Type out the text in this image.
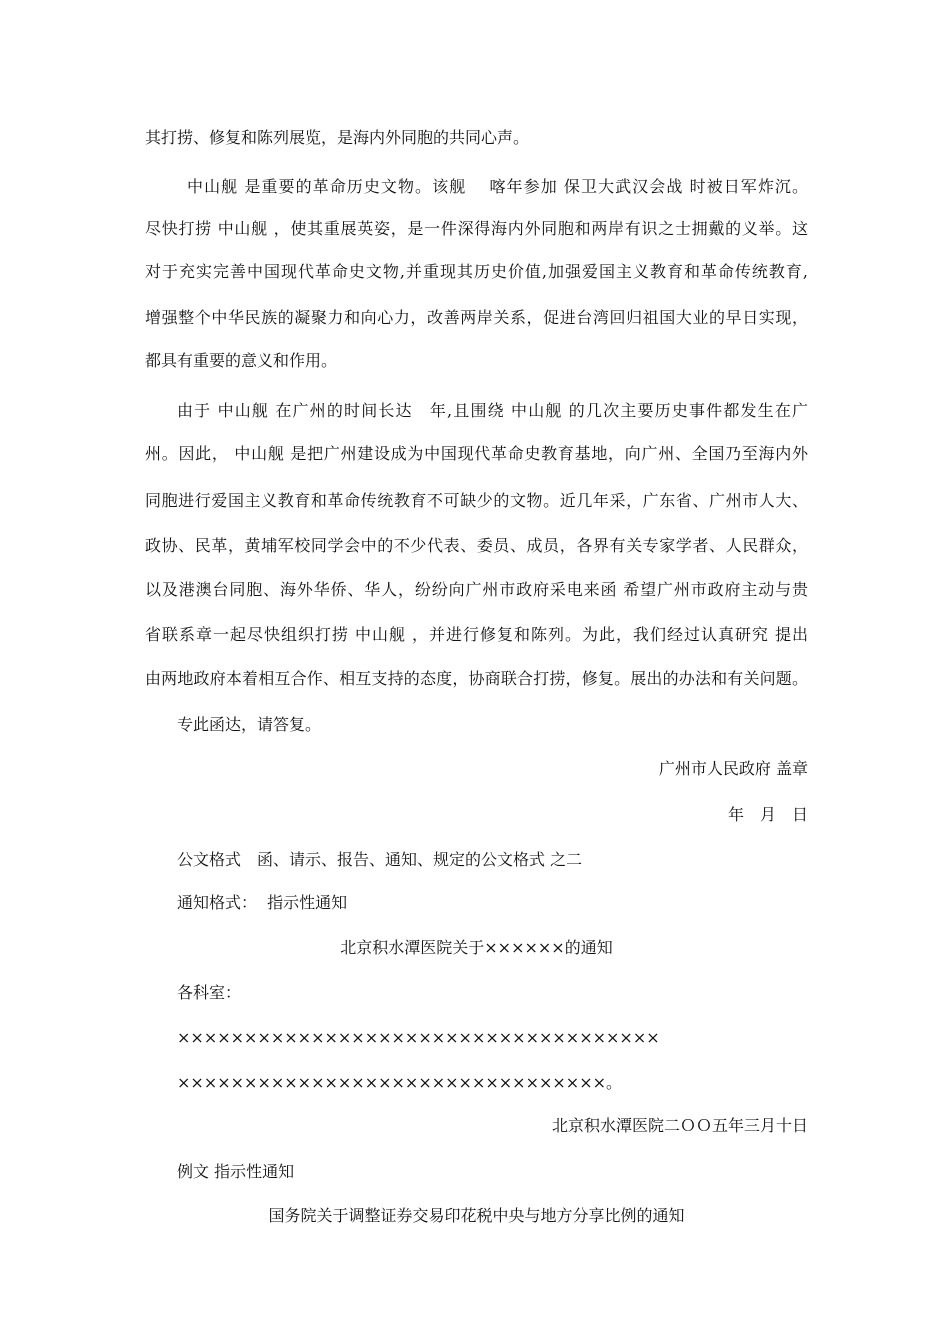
其打捞、修复和陈列展览，是海内外同胞的共同心声。
中山舰 是重要的革命历史文物。该舰　 喀年参加 保卫大武汉会战 时被日军炸沉。
尽快打捞 中山舰 ，使其重展英姿，是一件深得海内外同胞和两岸有识之士拥戴的义举。这
对于充实完善中国现代革命史文物,并重现其历史价值,加强爱国主义教育和革命传统教育,
增强整个中华民族的凝聚力和向心力，改善两岸关系，促进台湾回归祖国大业的早日实现，
都具有重要的意义和作用。
由于 中山舰 在广州的时间长达　年,且围绕 中山舰 的几次主要历史事件都发生在广
州。因此， 中山舰 是把广州建设成为中国现代革命史教育基地，向广州、全国乃至海内外
同胞进行爱国主义教育和革命传统教育不可缺少的文物。近几年采，广东省、广州市人大、
政协、民革，黄埔军校同学会中的不少代表、委员、成员，各界有关专家学者、人民群众，
以及港澳台同胞、海外华侨、华人，纷纷向广州市政府采电来函 希望广州市政府主动与贵
省联系章一起尽快组织打捞 中山舰 ，并进行修复和陈列。为此，我们经过认真研究 提出
由两地政府本着相互合作、相互支持的态度，协商联合打捞，修复。展出的办法和有关问题。
专此函达，请答复。
广州市人民政府 盖章
年　月　日
公文格式　函、请示、报告、通知、规定的公文格式 之二
通知格式：  指示性通知
北京积水潭医院关于××××××的通知
各科室：
××××××××××××××××××××××××××××××××××××
××××××××××××××××××××××××××××××××。
北京积水潭医院二ＯＯ五年三月十日
例文 指示性通知
国务院关于调整证券交易印花税中央与地方分享比例的通知
